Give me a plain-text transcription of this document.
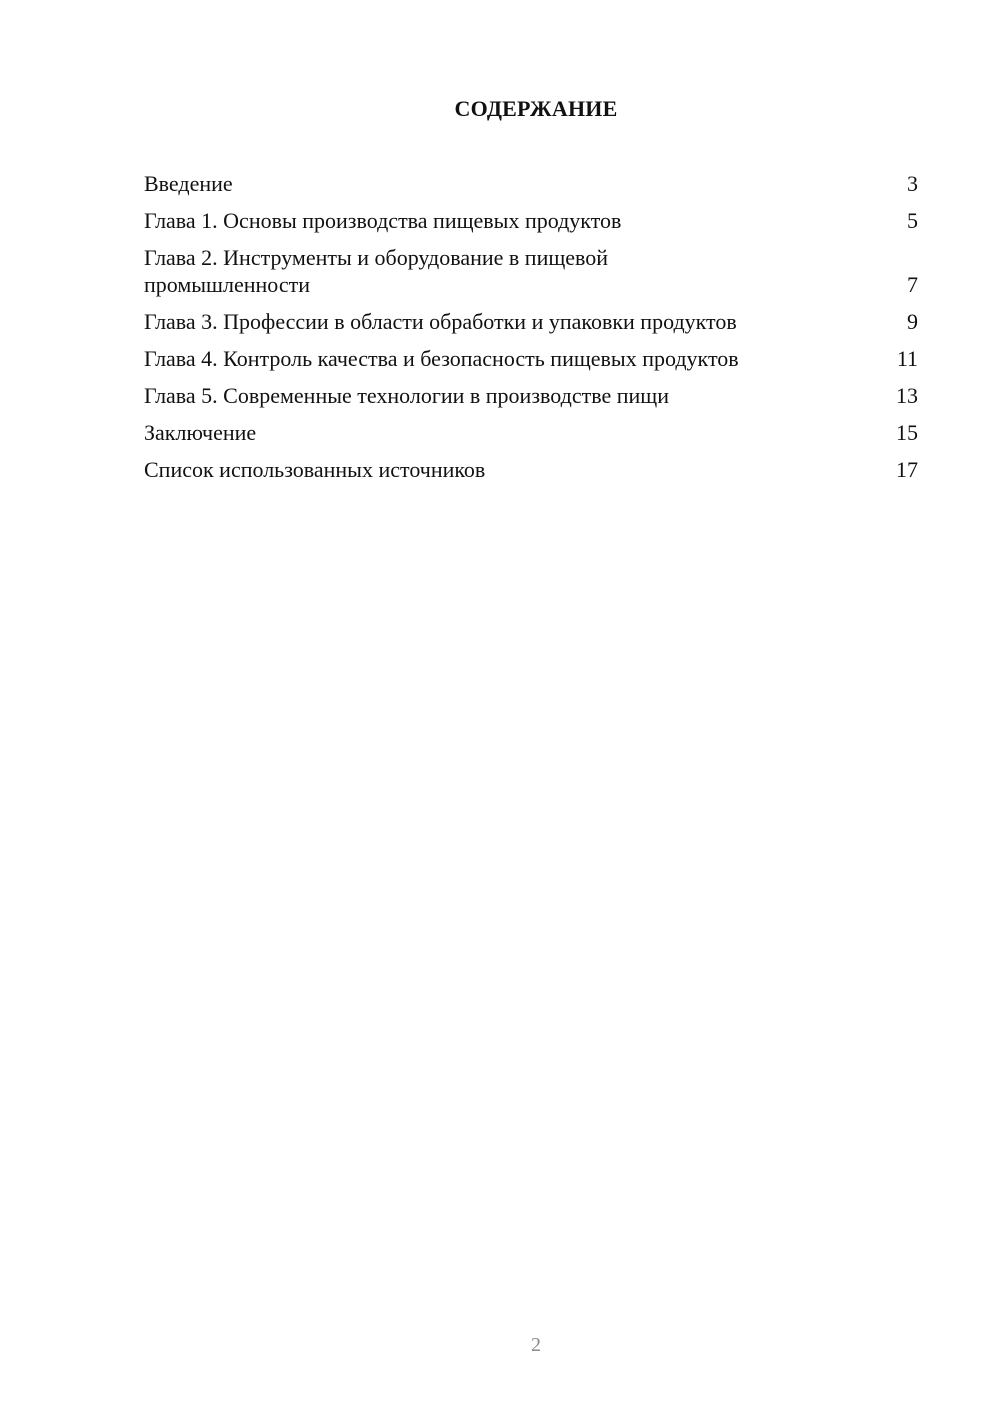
СОДЕРЖАНИЕ
Введение	3
Глава 1. Основы производства пищевых продуктов	5
Глава 2. Инструменты и оборудование в пищевой промышленности	7
Глава 3. Профессии в области обработки и упаковки продуктов	9
Глава 4. Контроль качества и безопасность пищевых продуктов	11
Глава 5. Современные технологии в производстве пищи	13
Заключение	15
Список использованных источников	17
2
